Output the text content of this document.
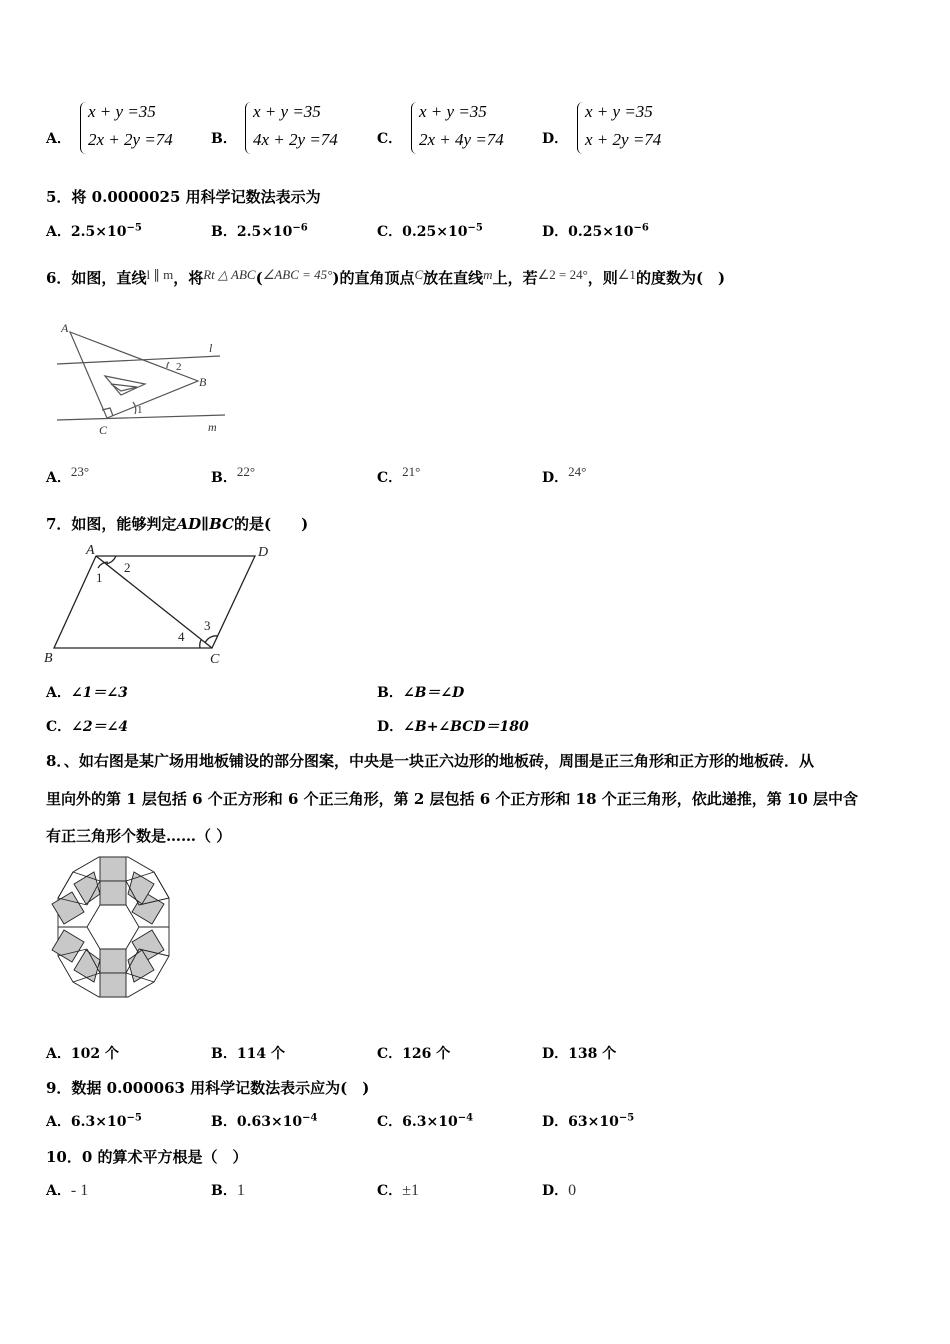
A．
x + y =35
2x + 2y =74	B．
x + y =35
4x + 2y =74	C．
x + y =35
2x + 4y =74	D．
x + y =35
x + 2y =74
5．将 0.0000025 用科学记数法表示为
A．$2.5\times 10^{-5}$	B．$2.5\times 10^{-6}$	C．$0.25\times 10^{-5}$	D．$0.25\times 10^{-6}$
6．如图，直线l ∥ m，将Rt △ ABC(∠ABC = 45°)的直角顶点C放在直线m上，若∠2 = 24°，则∠1的度数为(　)
A
B
C
l
m
1
2
A．23°	B．22°	C．21°	D．24°
7．如图，能够判定AD∥BC的是(　　)
A	D
B	C
1
2
3
4
A．∠1＝∠3	B．∠B＝∠D
C．∠2＝∠4	D．∠B+∠BCD＝180
8．、如右图是某广场用地板铺设的部分图案，中央是一块正六边形的地板砖，周围是正三角形和正方形的地板砖．从
里向外的第 1 层包括 6 个正方形和 6 个正三角形，第 2 层包括 6 个正方形和 18 个正三角形，依此递推，第 10 层中含
有正三角形个数是……（ ）
A．102 个	B．114 个	C．126 个	D．138 个
9．数据 0.000063 用科学记数法表示应为(　)
A．$6.3\times 10^{-5}$	B．$0.63\times 10^{-4}$	C．$6.3\times 10^{-4}$	D．$63\times 10^{-5}$
10．0 的算术平方根是（　）
A．- 1	B．1	C．±1	D．0
